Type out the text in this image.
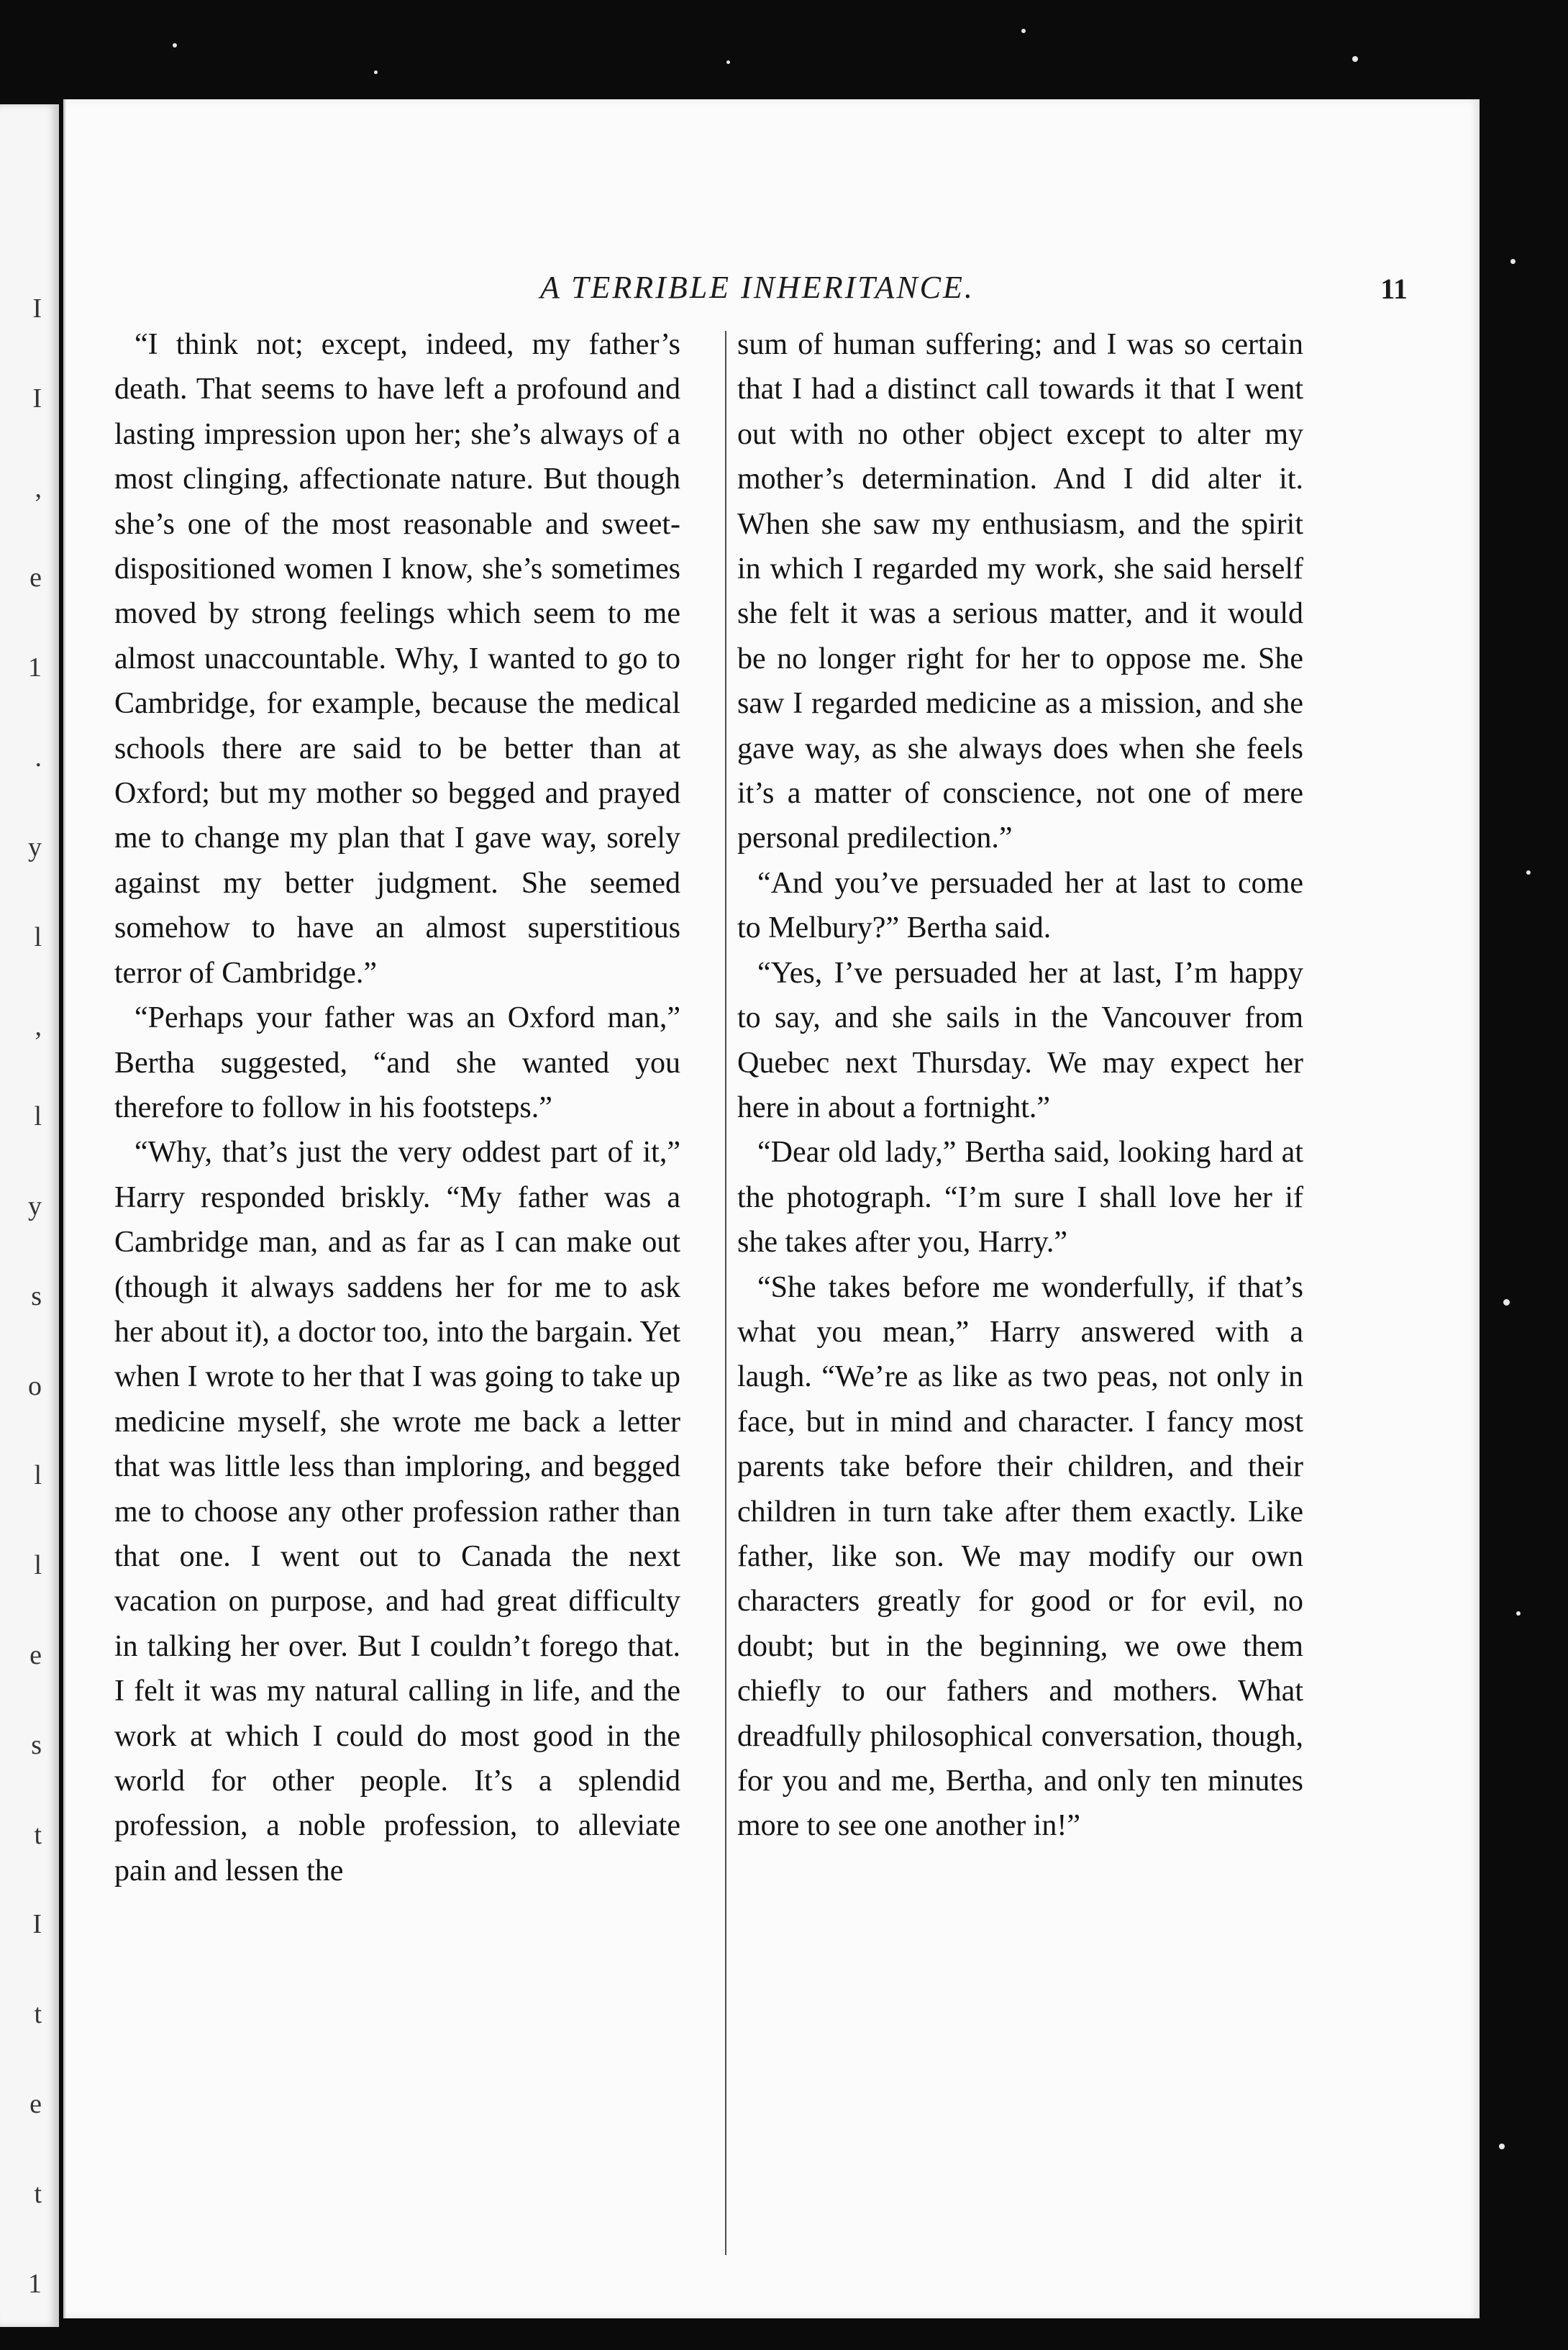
I
I
,
e
1
.
y
l
,
l
y
s
o
l
l
e
s
t
I
t
e
t
1
A TERRIBLE INHERITANCE.	11

“I think not; except, indeed, my father’s death. That seems to have left a profound and lasting impression upon her; she’s always of a most clinging, affectionate nature. But though she’s one of the most reasonable and sweet-dispositioned women I know, she’s sometimes moved by strong feelings which seem to me almost unaccountable. Why, I wanted to go to Cambridge, for example, because the medical schools there are said to be better than at Oxford; but my mother so begged and prayed me to change my plan that I gave way, sorely against my better judgment. She seemed somehow to have an almost superstitious terror of Cambridge.”

“Perhaps your father was an Oxford man,” Bertha suggested, “and she wanted you therefore to follow in his footsteps.”

“Why, that’s just the very oddest part of it,” Harry responded briskly. “My father was a Cambridge man, and as far as I can make out (though it always saddens her for me to ask her about it), a doctor too, into the bargain. Yet when I wrote to her that I was going to take up medicine myself, she wrote me back a letter that was little less than imploring, and begged me to choose any other profession rather than that one. I went out to Canada the next vacation on purpose, and had great difficulty in talking her over. But I couldn’t forego that. I felt it was my natural calling in life, and the work at which I could do most good in the world for other people. It’s a splendid profession, a noble profession, to alleviate pain and lessen the

sum of human suffering; and I was so certain that I had a distinct call towards it that I went out with no other object except to alter my mother’s determination. And I did alter it. When she saw my enthusiasm, and the spirit in which I regarded my work, she said herself she felt it was a serious matter, and it would be no longer right for her to oppose me. She saw I regarded medicine as a mission, and she gave way, as she always does when she feels it’s a matter of conscience, not one of mere personal predilection.”

“And you’ve persuaded her at last to come to Melbury?” Bertha said.

“Yes, I’ve persuaded her at last, I’m happy to say, and she sails in the Vancouver from Quebec next Thursday. We may expect her here in about a fortnight.”

“Dear old lady,” Bertha said, looking hard at the photograph. “I’m sure I shall love her if she takes after you, Harry.”

“She takes before me wonderfully, if that’s what you mean,” Harry answered with a laugh. “We’re as like as two peas, not only in face, but in mind and character. I fancy most parents take before their children, and their children in turn take after them exactly. Like father, like son. We may modify our own characters greatly for good or for evil, no doubt; but in the beginning, we owe them chiefly to our fathers and mothers. What dreadfully philosophical conversation, though, for you and me, Bertha, and only ten minutes more to see one another in!”
